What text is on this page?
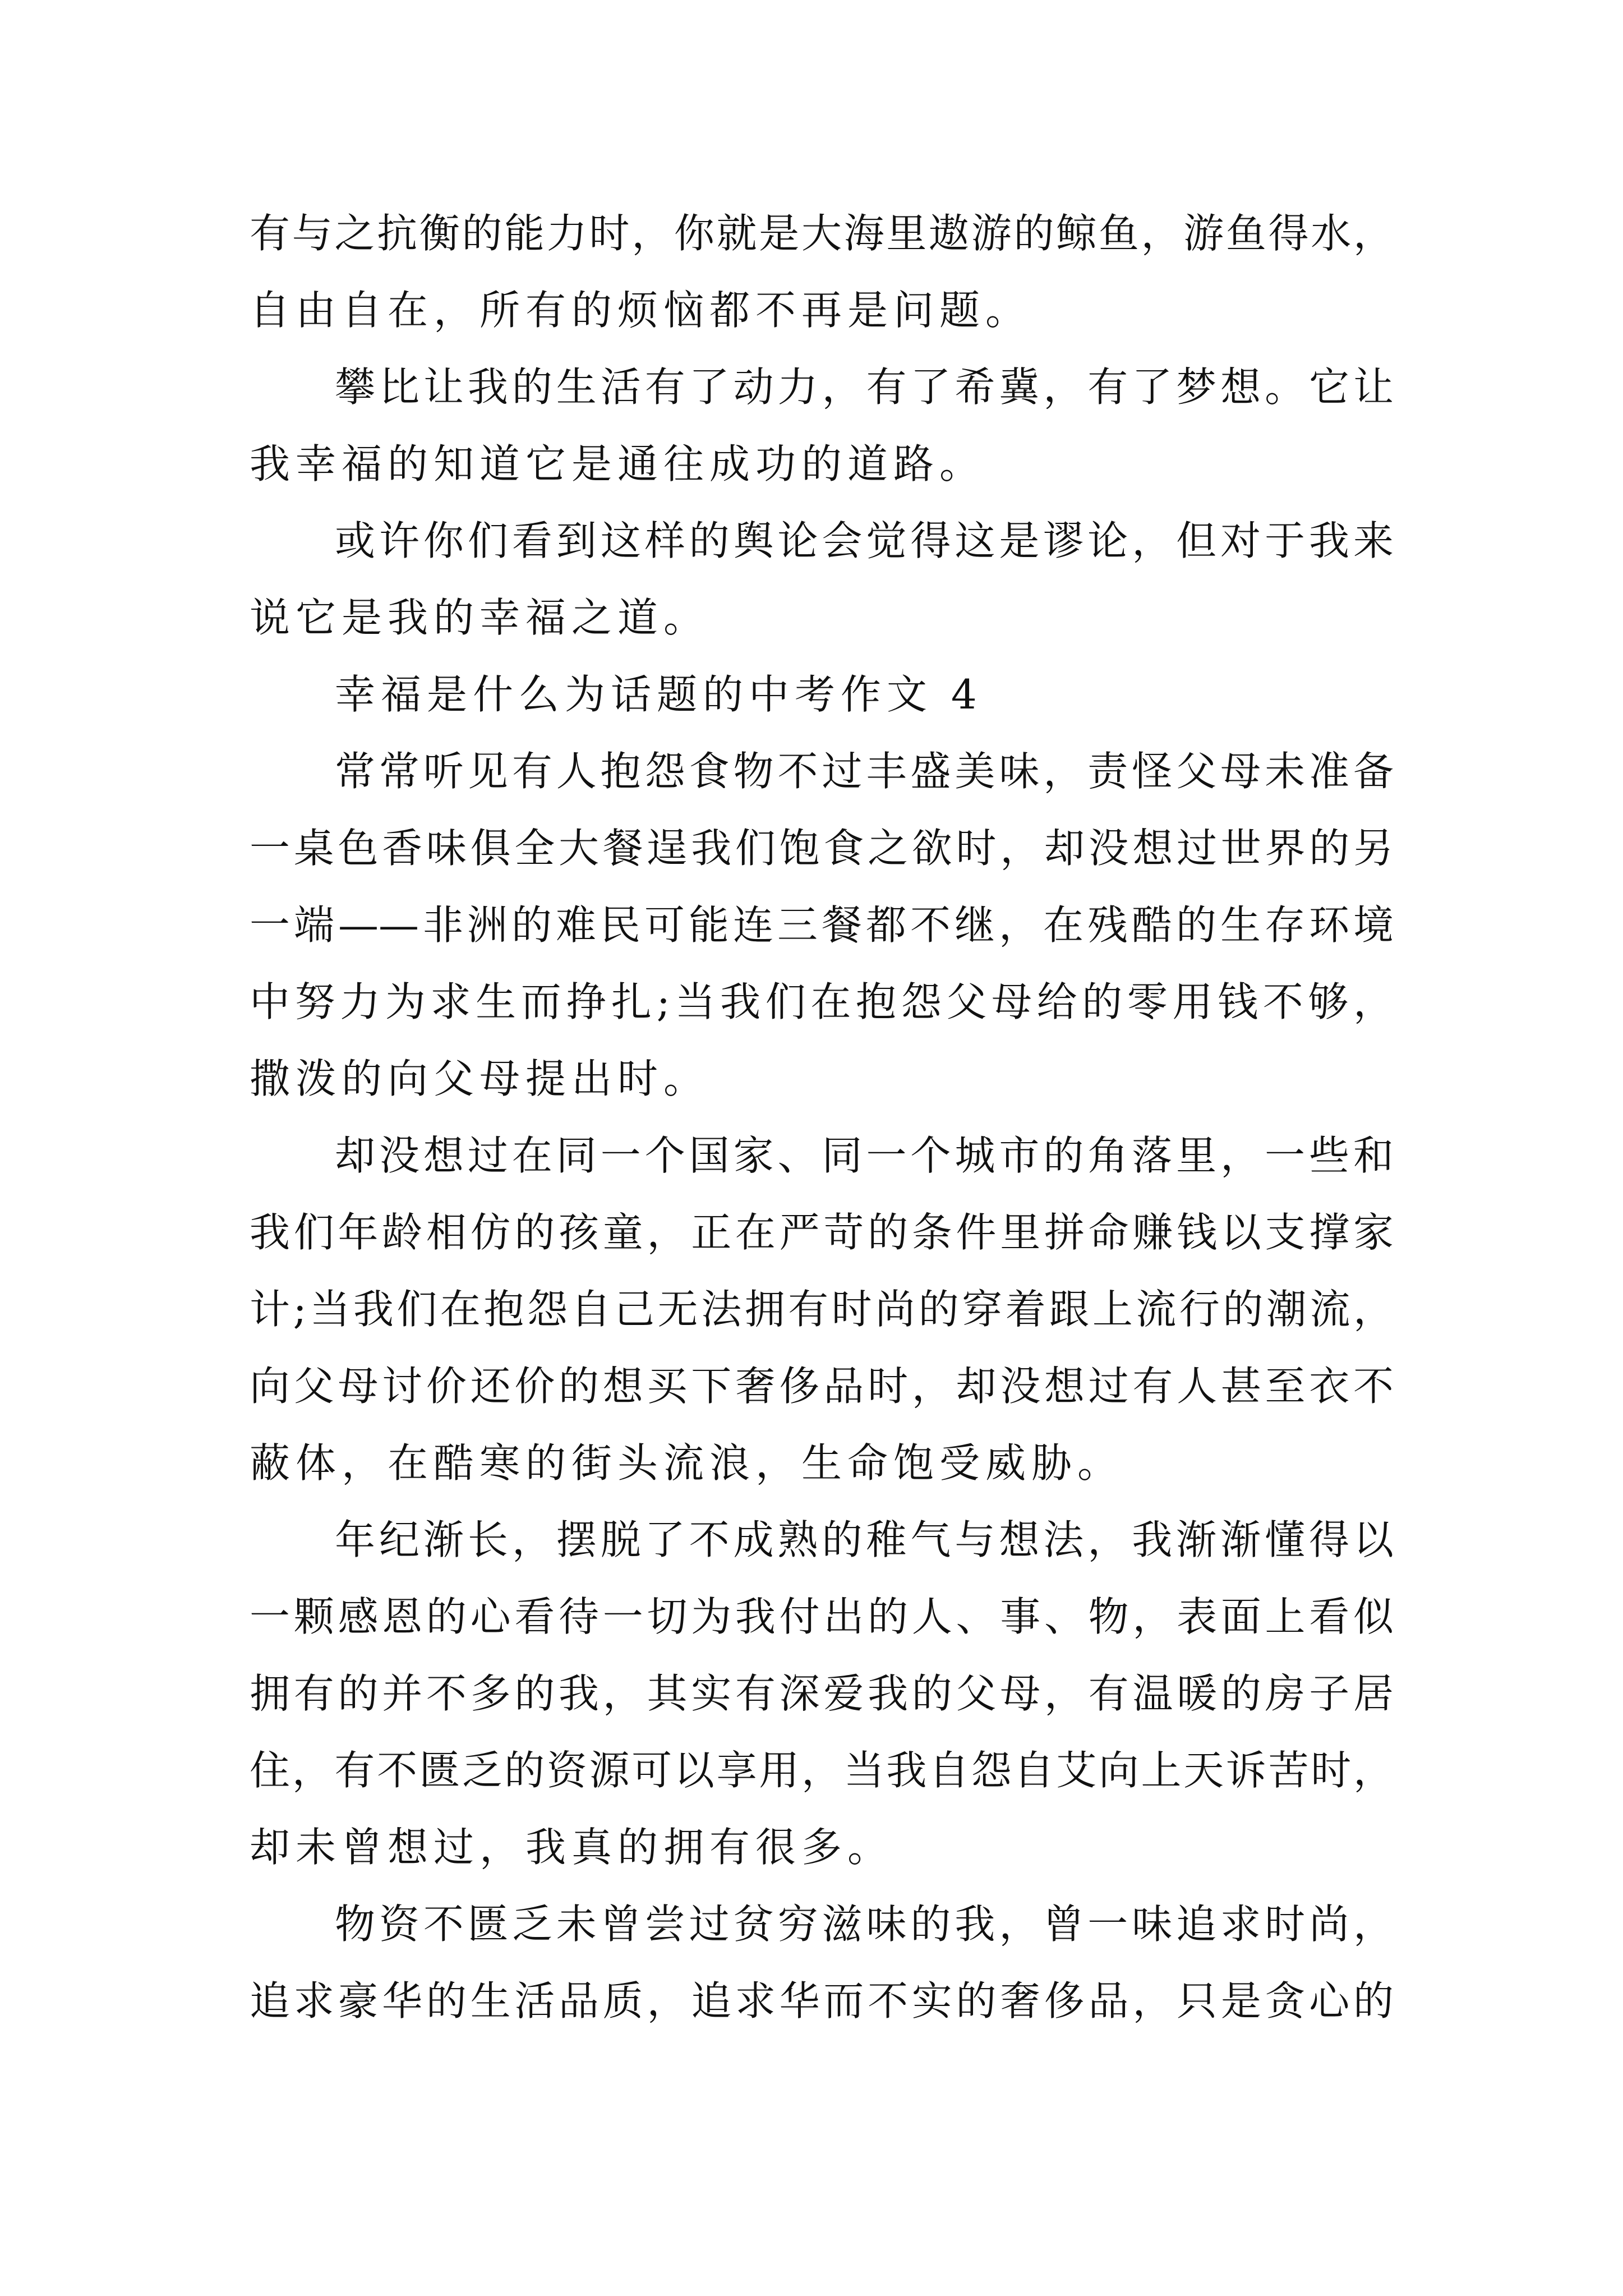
有与之抗衡的能力时，你就是大海里遨游的鲸鱼，游鱼得水，
自由自在，所有的烦恼都不再是问题。
攀比让我的生活有了动力，有了希冀，有了梦想。它让
我幸福的知道它是通往成功的道路。
或许你们看到这样的舆论会觉得这是谬论，但对于我来
说它是我的幸福之道。
幸福是什么为话题的中考作文 4
常常听见有人抱怨食物不过丰盛美味，责怪父母未准备
一桌色香味俱全大餐逞我们饱食之欲时，却没想过世界的另
一端——非洲的难民可能连三餐都不继，在残酷的生存环境
中努力为求生而挣扎;当我们在抱怨父母给的零用钱不够，
撒泼的向父母提出时。
却没想过在同一个国家、同一个城市的角落里，一些和
我们年龄相仿的孩童，正在严苛的条件里拼命赚钱以支撑家
计;当我们在抱怨自己无法拥有时尚的穿着跟上流行的潮流，
向父母讨价还价的想买下奢侈品时，却没想过有人甚至衣不
蔽体，在酷寒的街头流浪，生命饱受威胁。
年纪渐长，摆脱了不成熟的稚气与想法，我渐渐懂得以
一颗感恩的心看待一切为我付出的人、事、物，表面上看似
拥有的并不多的我，其实有深爱我的父母，有温暖的房子居
住，有不匮乏的资源可以享用，当我自怨自艾向上天诉苦时，
却未曾想过，我真的拥有很多。
物资不匮乏未曾尝过贫穷滋味的我，曾一味追求时尚，
追求豪华的生活品质，追求华而不实的奢侈品，只是贪心的
